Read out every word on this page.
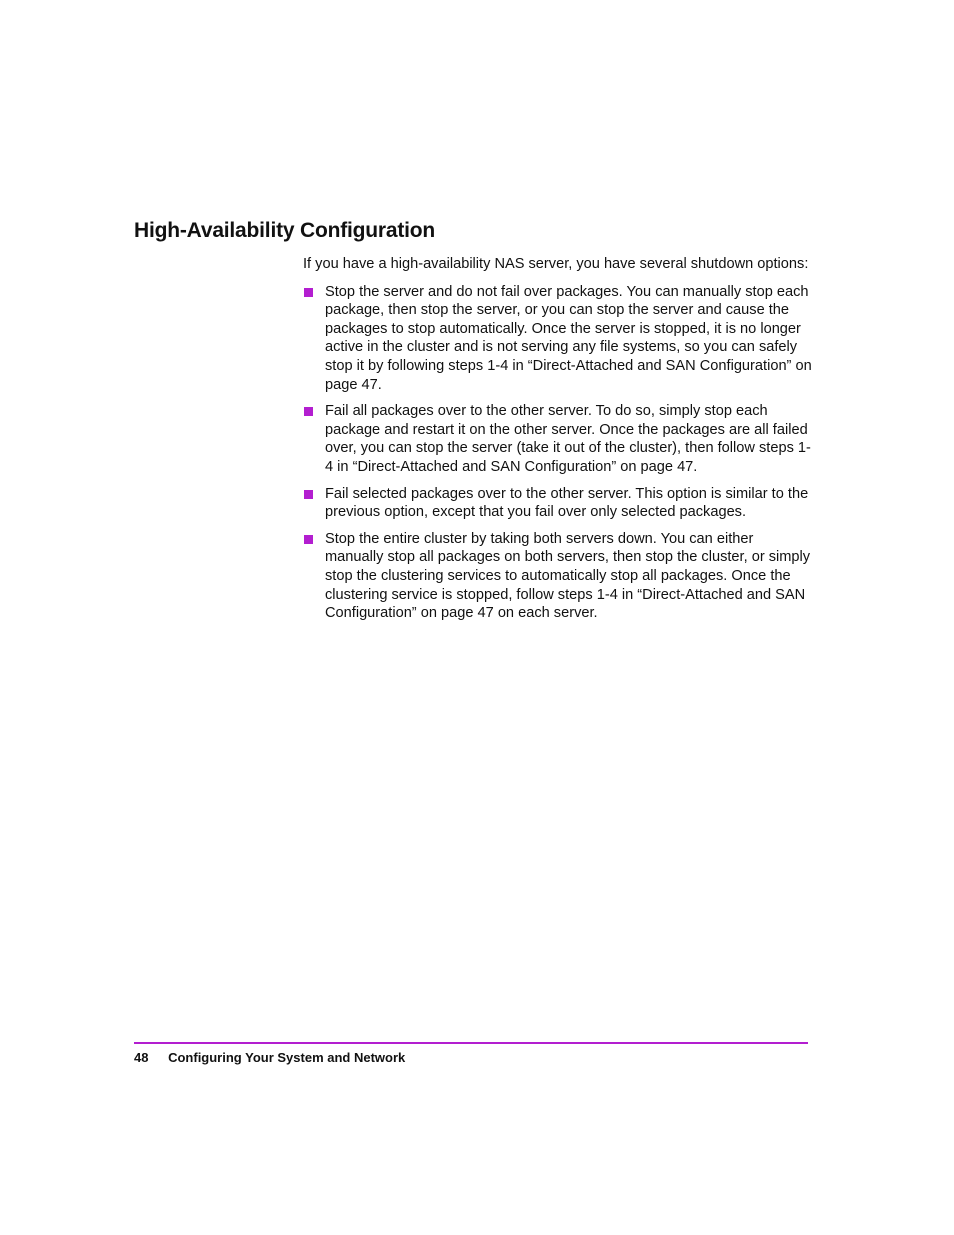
High-Availability Configuration

If you have a high-availability NAS server, you have several shutdown options:

Stop the server and do not fail over packages. You can manually stop each package, then stop the server, or you can stop the server and cause the packages to stop automatically. Once the server is stopped, it is no longer active in the cluster and is not serving any file systems, so you can safely stop it by following steps 1-4 in “Direct-Attached and SAN Configuration” on page 47.
Fail all packages over to the other server. To do so, simply stop each package and restart it on the other server. Once the packages are all failed over, you can stop the server (take it out of the cluster), then follow steps 1-4 in “Direct-Attached and SAN Configuration” on page 47.
Fail selected packages over to the other server. This option is similar to the previous option, except that you fail over only selected packages.
Stop the entire cluster by taking both servers down. You can either manually stop all packages on both servers, then stop the cluster, or simply stop the clustering services to automatically stop all packages. Once the clustering service is stopped, follow steps 1-4 in “Direct-Attached and SAN Configuration” on page 47 on each server.
48 Configuring Your System and Network
